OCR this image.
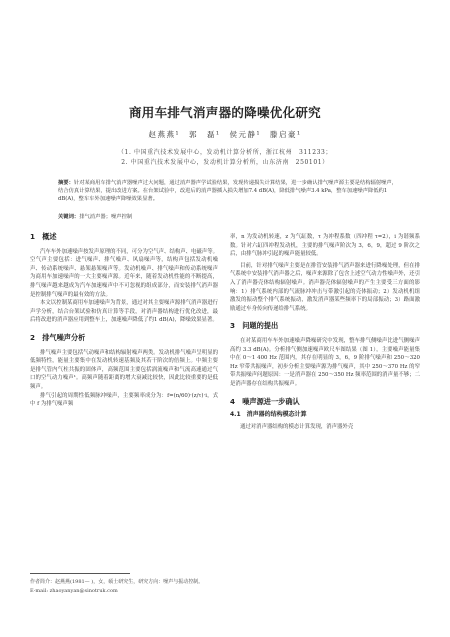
商用车排气消声器的降噪优化研究
赵燕燕¹　郭　磊¹　侯元静¹　滕启豪¹
（1. 中国重汽技术发展中心，发动机计算分析所，浙江杭州　311233；
2. 中国重汽技术发展中心，发动机计算分析所，山东济南　250101）
摘要：针对某商用车排气消声器噪声过大问题，通过消声器声学试验结果，发现传递损失计算结果，进一步确认排气噪声源主要是结构辐射噪声，结合仿真计算结果，提出改进方案。在台架试验中，改进后的消声器插入损失增加7.4 dB(A)，降低排气噪声3.4 kPa，整车加速噪声降低约1 dB(A)，整车车外加速噪声降噪效果显著。
关键词：排气消声器；噪声控制
1　概述

汽车车外加速噪声按发声原理的不同，可分为空气声、结构声、电磁声等。空气声主要包括：进气噪声、排气噪声、风扇噪声等，结构声包括发动机噪声、传动系统噪声、悬架悬架噪声等。发动机噪声、排气噪声和传动系统噪声为商用车加速噪声的一大主要噪声源。近年来，随着发动机性能的不断提高，排气噪声越来越成为汽车加速噪声中不可忽视的组成部分，而安装排气消声器是控制排气噪声的最有效的方法。

本文以控制某商用车加速噪声为背景，通过对其主要噪声源排气消声器进行声学分析，结合台架试验和仿真计算等手段，对消声器结构进行优化改进，最后将改进的消声器应用到整车上，加速噪声降低了约1 dB(A)，降噪效果显著。

2　排气噪声分析

排气噪声主要包括气动噪声和结构辐射噪声两类。发动机排气噪声呈明显的低频特性，能量主要集中在发动机转速基频及其若干阶次的倍频上。中频主要是排气管内气柱共振的固体声，高频范围主要包括涡流噪声和气流高速通过气口的空气动力噪声¹。高频声随着距离的增大衰减比较快，因此比较重要的是低频声。

排气引起的周期性低频脉冲噪声，主要频率成分为：f=(n/60)·(z/τ)·i，式中 f 为排气噪声频

率，n 为发动机转速，z 为气缸数，τ 为冲程系数（四冲程 τ=2），i 为谐频系数。针对六缸四冲程发动机，主要的排气噪声阶次为 3，6，9，超过 9 阶次之后，由排气脉冲引起的噪声能量较低。

目前，针对排气噪声主要是在排管安装排气消声器来进行降噪处理，但在排气系统中安装排气消声器之后，噪声来源除了包含上述空气动力性噪声外，还引入了消声器壳体结构辐射噪声。消声器壳体辐射噪声的产生主要受三方面的影响：1）排气系统内部的气流脉冲冲击与带激引起的壳体振动；2）发动机机组激发的振动整个排气系统振动，激发消声器某些频率下的局部振动；3）路面激励通过车身传向传递给排气系统。

3　问题的提出

在对某商用车车外加速噪声降噪研究中发现，整车排气侧噪声比进气侧噪声高约 3.3 dB(A)。分析排气侧加速噪声欧尺车图结果（图 1），主要噪声能量集中在 0～1 400 Hz 范围内，其存在明显的 3，6，9 阶排气噪声和 250～320 Hz 窄带共振噪声，初步分析主要噪声源为排气噪声，其中 250～370 Hz 的窄带共振噪声问题原因：一是消声器在 250～350 Hz 频率范围的消声量不够；二是消声器存在结构共振噪声。

4　噪声源进一步确认
4.1　消声器的结构模态计算

通过对消声器结构的模态计算发现，消声器外壳

作者简介：赵燕燕(1981— )，女，硕士研究生，研究方向：噪声与振动控制。
E-mail: zhaoyanyan@sinotruk.com
